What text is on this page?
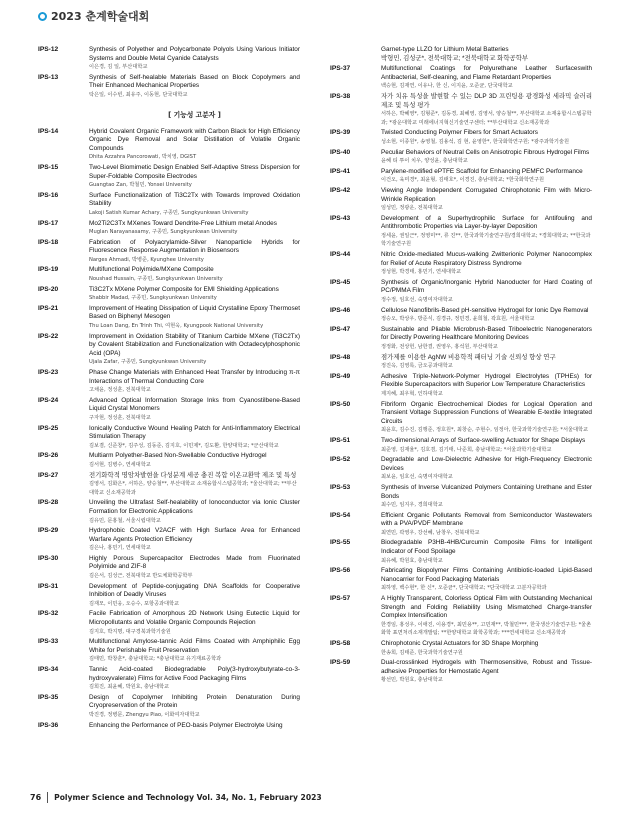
2023 춘계학술대회
IPS-12	Synthesis of Polyether and Polycarbonate Polyols Using Various Initiator Systems and Double Metal Cyanide Catalysts
이은경, 김 일, 부산대학교
IPS-13	Synthesis of Self-healable Materials Based on Block Copolymers and Their Enhanced Mechanical Properties
탁은일, 이수빈, 최유주, 이동현, 단국대학교
[ 기능성 고분자 ]
IPS-14	Hybrid Covalent Organic Framework with Carbon Black for High Efficiency Organic Dye Removal and Solar Distillation of Volatile Organic Compounds
Dhita Azzahra Pancorowati, 박치영, DGIST
IPS-15	Two-Level Biomimetic Design Enabled Self-Adaptive Stress Dispersion for Super-Foldable Composite Electrodes
Guangtao Zan, 박철민, Yonsei University
IPS-16	Surface Functionalization of Ti3C2Tx with Towards Improved Oxidation Stability
Lakoji Satish Kumar Achary, 구종민, Sungkyunkwan University
IPS-17	Mo2Ti2C3Tx MXenes Toward Dendrite-Free Lithium metal Anodes
Muglan Narayanasamy, 구종민, Sungkyunkwan University
IPS-18	Fabrication of Polyacrylamide-Silver Nanoparticle Hybrids for Fluorescence Response Augmentation in Biosensors
Narges Ahmadi, 박병준, Kyunghee University
IPS-19	Multifunctional Polyimide/MXene Composite
Noushad Hussain, 구종민, Sungkyunkwan University
IPS-20	Ti3C2Tx MXene Polymer Composite for EMI Shielding Applications
Shabbir Madad, 구종민, Sungkyunkwan University
IPS-21	Improvement of Heating Dissipation of Liquid Crystalline Epoxy Thermoset Based on Biphenyl Mesogen
Thu Loan Dang, En Trinh Thi, 여현욱, Kyungpook National University
IPS-22	Improvement in Oxidation Stability of Titanium Carbide MXene (Ti3C2Tx) by Covalent Stabilization and Functionalization with Octadecylphosphonic Acid (OPA)
Ujala Zafar, 구종민, Sungkyunkwan University
IPS-23	Phase Change Materials with Enhanced Heat Transfer by Introducing π-π Interactions of Thermal Conducting Core
고채윤, 정성훈, 전북대학교
IPS-24	Advanced Optical Information Storage Inks from Cyanostilbene-Based Liquid Crystal Monomers
구자현, 정성훈, 전북대학교
IPS-25	Ionically Conductive Wound Healing Patch for Anti-Inflammatory Electrical Stimulation Therapy
김보겸, 신준창*, 김주성, 김동준, 김지호, 이민제*, 김도환, 한양대학교; *군산대학교
IPS-26	Multiarm Polyether-Based Non-Swellable Conductive Hydrogel
김서현, 김병수, 연세대학교
IPS-27	전기화학적 명암차발현을 다성분계 세공 충진 복합 이온교환막 제조 및 특성
김영서, 김화은*, 서하은, 양승철**, 부산대학교 소재융합시스템공학과; *울산대학교; **부산대학교 신소재공학과
IPS-28	Unveiling the Ultrafast Self-healability of Ionoconductor via Ionic Cluster Formation for Electronic Applications
김유민, 문홍철, 서울시립대학교
IPS-29	Hydrophobic Coated V2ACF with High Surface Area for Enhanced Warfare Agents Protection Efficiency
김은나, 홍민기, 연세대학교
IPS-30	Highly Porous Supercapacitor Electrodes Made from Fluorinated Polyimide and ZIF-8
김은서, 김성근, 전북대학교 반도체화학공학부
IPS-31	Development of Peptide-conjugating DNA Scaffolds for Cooperative Inhibition of Deadly Viruses
김재모, 이민웅, 오승수, 포항공과대학교
IPS-32	Facile Fabrication of Amorphous 2D Network Using Eutectic Liquid for Micropollutants and Volatile Organic Compounds Rejection
김지호, 박지명, 대구경북과학기술원
IPS-33	Multifunctional Amylose-tannic Acid Films Coated with Amphiphilic Egg White for Perishable Fruit Preservation
김태민, 박창훈*, 충남대학교; *충남대학교 유기재료공학과
IPS-34	Tannic Acid-coated Biodegradable Poly(3-hydroxybutyrate-co-3-hydroxyvalerate) Films for Active Food Packaging Films
김희진, 최윤혜, 박원효, 충남대학교
IPS-35	Design of Copolymer Inhibiting Protein Denaturation During Cryopreservation of the Protein
박진경, 정병문, Zhengyu Piao, 이화여자대학교
IPS-36	Enhancing the Performance of PEO-basis Polymer Electrolyte Using
Garnet-type LLZO for Lithium Metal Batteries
박형민, 김성군*, 전북대학교; *전북대학교 화학공학부
IPS-37	Multifunctional Coatings for Polyurethane Leather Surfaceswith Antibacterial, Self-cleaning, and Flame Retardant Properties
백승현, 김재연, 이유나, 한 신, 이지윤, 오준균, 단국대학교
IPS-38	자가 치유 특성을 발현할 수 있는 DLP 3D 프린팅용 광경화성 세라믹 슬러리 제조 및 특성 평가
서하은, 박혜영*, 김형준*, 김동경, 최혜영, 김영서, 양승철**, 부산대학교 소재융합시스템공학과; *광운대학교 미래에너지혁신기술연구센터; **부산대학교 신소재공학과
IPS-39	Twisted Conducting Polymer Fibers for Smart Actuators
성소현, 이종원*, 송영철, 김용석, 김 현, 윤영한*, 한국화학연구원; *광주과학기술원
IPS-40	Peculiar Behaviors of Neutral Cells on Anisotropic Fibrous Hydrogel Films
윤혜 티 투이 치우, 양성윤, 충남대학교
IPS-41	Parylene-modified ePTFE Scaffold for Enhancing PEMFC Performance
이건오, 육미경*, 최윤형, 김태호*, 이경진, 충남대학교; *한국화학연구원
IPS-42	Viewing Angle Independent Corrugated Chirophotonic Film with Micro-Wrinkle Replication
임성민, 정광운, 전북대학교
IPS-43	Development of a Superhydrophilic Surface for Antifouling and Antithrombotic Properties via Layer-by-layer Deposition
정세윤, 권일근*, 정영미**, 류 진**, 한국과학기술연구원/경희대학교; *경희대학교; **한국과학기술연구원
IPS-44	Nitric Oxide-mediated Mucus-walking Zwitterionic Polymer Nanocomplex for Relief of Acute Respiratory Distress Syndrome
정성현, 박경태, 홍민기, 연세대학교
IPS-45	Synthesis of Organic/Inorganic Hybrid Nanoducter for Hard Coating of PC/PMMA Film
정수정, 임호선, 숙명여자대학교
IPS-46	Cellulose Nanofibrils-Based pH-sensitive Hydrogel for Ionic Dye Removal
정승오, 박상우, 방준식, 김경규, 정민경, 윤희철, 곽효원, 서울대학교
IPS-47	Sustainable and Pliable Microbrush-Based Triboelectric Nanogenerators for Directly Powering Healthcare Monitoring Devices
정정화, 전상헌, 남한결, 권영우, 홍석원, 부산대학교
IPS-48	점가제를 이용한 AgNW 비용학적 패터닝 기술 신뢰성 향상 연구
정진옥, 김영록, 금오공과대학교
IPS-49	Adhesive Triple-Network-Polymer Hydrogel Electrolytes (TPHEs) for Flexible Supercapacitors with Superior Low Temperature Characteristics
제지혜, 최우혁, 인하대학교
IPS-50	Fibriform Organic Electrochemical Diodes for Logical Operation and Transient Voltage Suppression Functions of Wearable E-textile Integrated Circuits
최윤호, 김수진, 김행준, 정호원*, 최창순, 주현수, 임정아, 한국과학기술연구원; *서울대학교
IPS-51	Two-dimensional Arrays of Surface-swelling Actuator for Shape Displays
최준영, 김재율*, 김호겸, 김기태, 나준희, 충남대학교; *서울과학기술대학교
IPS-52	Degradable and Low-Dielectric Adhesive for High-Frequency Electronic Devices
최보윤, 임호선, 숙명여자대학교
IPS-53	Synthesis of Inverse Vulcanized Polymers Containing Urethane and Ester Bonds
최수민, 임지우, 경희대학교
IPS-54	Efficient Organic Pollutants Removal from Semiconductor Wastewaters with a PVA/PVDF Membrane
최연민, 곽영우, 강선혜, 남창우, 전북대학교
IPS-55	Biodegradable P3HB-4HB/Curcumin Composite Films for Intelligent Indicator of Food Spoilage
최유혜, 박원효, 충남대학교
IPS-56	Fabricating Biopolymer Films Containing Antibiotic-loaded Lipid-Based Nanocarrier for Food Packaging Materials
최하영, 백수현*, 한 신*, 오준균*, 단국대학교; *단국대학교 고분자공학과
IPS-57	A Highly Transparent, Colorless Optical Film with Outstanding Mechanical Strength and Folding Reliability Using Mismatched Charge-transfer Complex Intensification
한경임, 홍성우, 이애진, 이용경*, 최민용**, 고민재**, 박철민***, 한국생산기술연구원; *울촌화학 표면처리소재개발팀; **한양대학교 화학공학과; ***연세대학교 신소재공학과
IPS-58	Chirophotonic Crystal Actuators for 3D Shape Morphing
한송희, 김태준, 한국과학기술연구원
IPS-59	Dual-crosslinked Hydrogels with Thermosensitive, Robust and Tissue-adhesive Properties for Hemostatic Agent
황선민, 박원효, 충남대학교
76 Polymer Science and Technology Vol. 34, No. 1, February 2023
